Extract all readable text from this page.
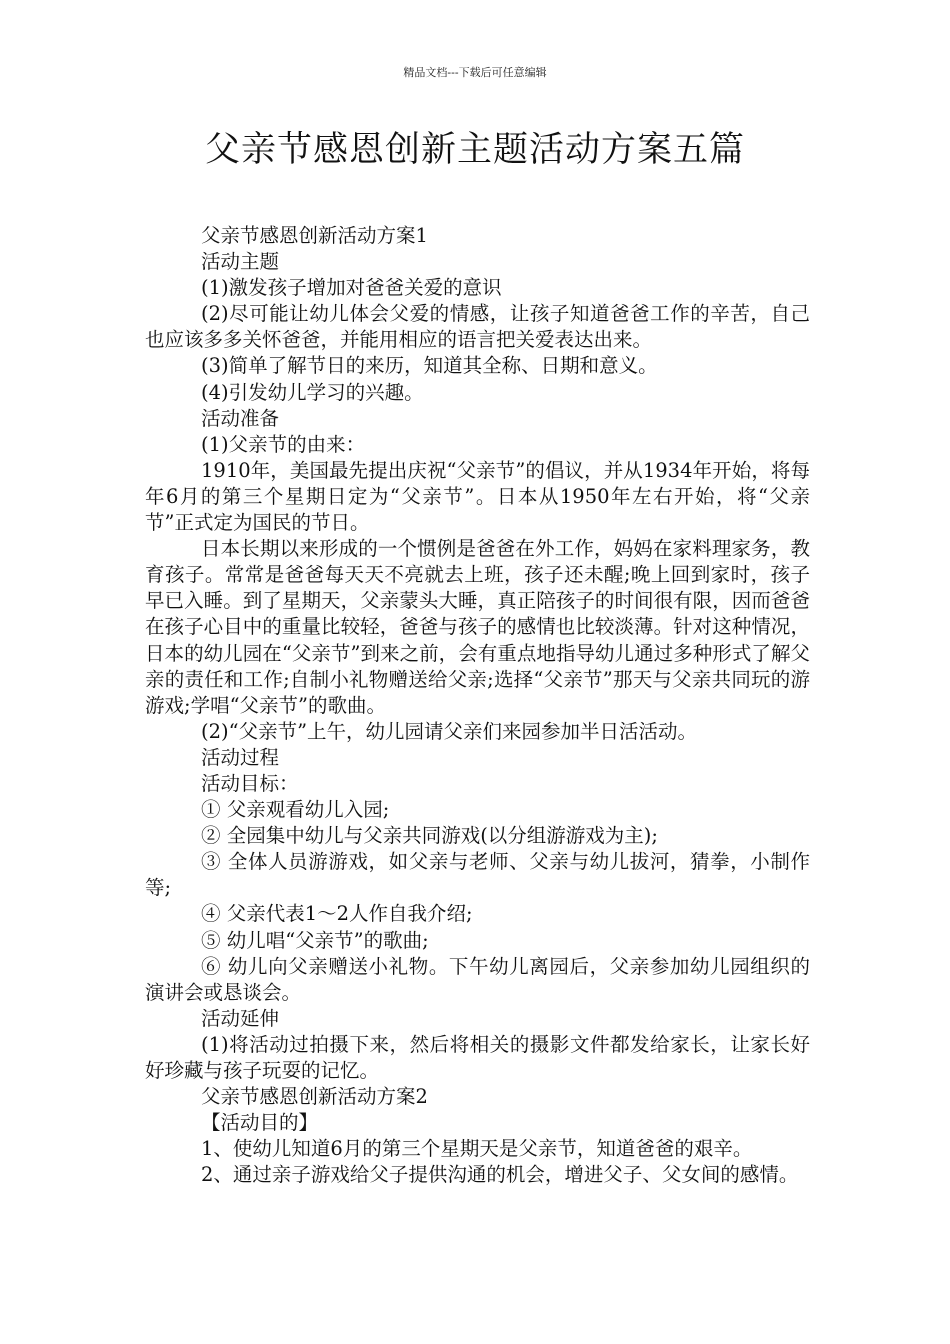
精品文档---下载后可任意编辑
父亲节感恩创新主题活动方案五篇

父亲节感恩创新活动方案1

活动主题

(1)激发孩子增加对爸爸关爱的意识

(2)尽可能让幼儿体会父爱的情感，让孩子知道爸爸工作的辛苦，自己也应该多多关怀爸爸，并能用相应的语言把关爱表达出来。

(3)简单了解节日的来历，知道其全称、日期和意义。

(4)引发幼儿学习的兴趣。

活动准备

(1)父亲节的由来：

1910年，美国最先提出庆祝“父亲节”的倡议，并从1934年开始，将每年6月的第三个星期日定为“父亲节”。日本从1950年左右开始，将“父亲节”正式定为国民的节日。

日本长期以来形成的一个惯例是爸爸在外工作，妈妈在家料理家务，教育孩子。常常是爸爸每天天不亮就去上班，孩子还未醒;晚上回到家时，孩子早已入睡。到了星期天，父亲蒙头大睡，真正陪孩子的时间很有限，因而爸爸在孩子心目中的重量比较轻，爸爸与孩子的感情也比较淡薄。针对这种情况，日本的幼儿园在“父亲节”到来之前，会有重点地指导幼儿通过多种形式了解父亲的责任和工作;自制小礼物赠送给父亲;选择“父亲节”那天与父亲共同玩的游游戏;学唱“父亲节”的歌曲。

(2)“父亲节”上午，幼儿园请父亲们来园参加半日活活动。

活动过程

活动目标：

① 父亲观看幼儿入园;

② 全园集中幼儿与父亲共同游戏(以分组游游戏为主);

③ 全体人员游游戏，如父亲与老师、父亲与幼儿拔河，猜拳，小制作等;

④ 父亲代表1～2人作自我介绍;

⑤ 幼儿唱“父亲节”的歌曲;

⑥ 幼儿向父亲赠送小礼物。下午幼儿离园后，父亲参加幼儿园组织的演讲会或恳谈会。

活动延伸

(1)将活动过拍摄下来，然后将相关的摄影文件都发给家长，让家长好好珍藏与孩子玩耍的记忆。

父亲节感恩创新活动方案2

【活动目的】

1、使幼儿知道6月的第三个星期天是父亲节，知道爸爸的艰辛。

2、通过亲子游戏给父子提供沟通的机会，增进父子、父女间的感情。
